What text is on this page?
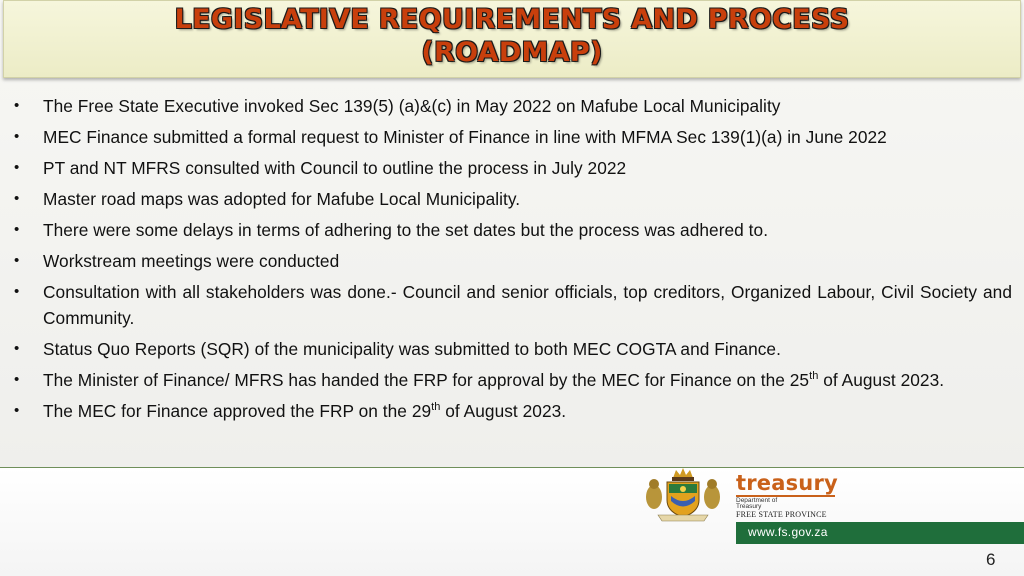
LEGISLATIVE REQUIREMENTS AND PROCESS
(ROADMAP)
• The Free State Executive invoked Sec 139(5) (a)&(c) in May 2022 on Mafube Local Municipality
• MEC Finance submitted a formal request to Minister of Finance in line with MFMA Sec 139(1)(a) in June 2022
• PT and NT MFRS consulted with Council to outline the process in July 2022
• Master road maps was adopted for Mafube Local Municipality.
• There were some delays in terms of adhering to the set dates but the process was adhered to.
• Workstream meetings were conducted
• Consultation with all stakeholders was done.- Council and senior officials, top creditors, Organized Labour, Civil Society and Community.
• Status Quo Reports (SQR) of the municipality was submitted to both MEC COGTA and Finance.
• The Minister of Finance/ MFRS has handed the FRP for approval by the MEC for Finance on the 25th of August 2023.
• The MEC for Finance approved the FRP on the 29th of August 2023.
treasury
Department of
Treasury
FREE STATE PROVINCE
www.fs.gov.za
6
